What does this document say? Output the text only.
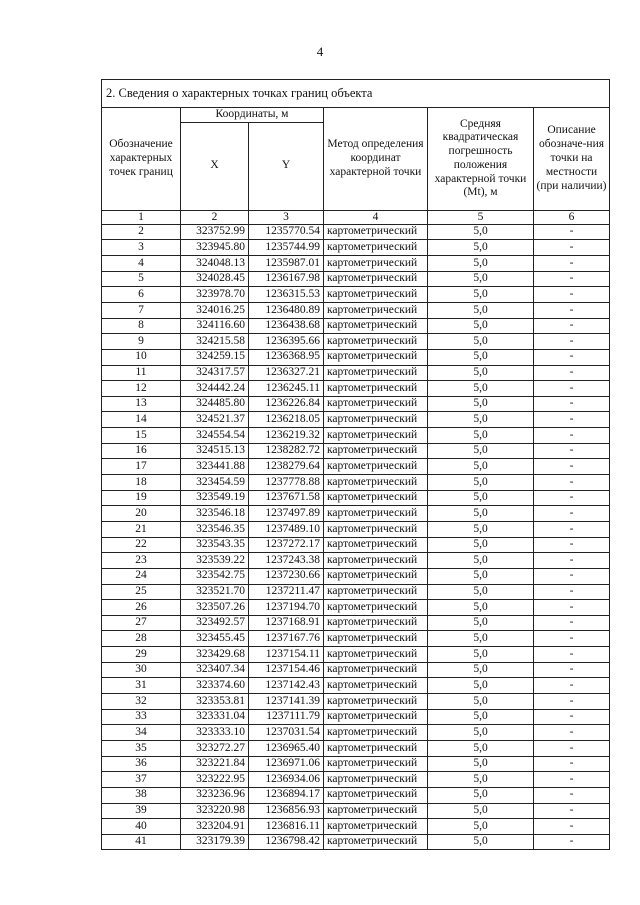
4
2. Сведения о характерных точках границ объекта					
Обозначение характерных точек границ	Координаты, м		Метод определения координат характерной точки	Средняя квадратическая погрешность положения характерной точки (Mt), м	Описание обозначе-ния точки на местности (при наличии)
	X	Y			
1	2	3	4	5	6
2	323752.99	1235770.54	картометрический	5,0	-
3	323945.80	1235744.99	картометрический	5,0	-
4	324048.13	1235987.01	картометрический	5,0	-
5	324028.45	1236167.98	картометрический	5,0	-
6	323978.70	1236315.53	картометрический	5,0	-
7	324016.25	1236480.89	картометрический	5,0	-
8	324116.60	1236438.68	картометрический	5,0	-
9	324215.58	1236395.66	картометрический	5,0	-
10	324259.15	1236368.95	картометрический	5,0	-
11	324317.57	1236327.21	картометрический	5,0	-
12	324442.24	1236245.11	картометрический	5,0	-
13	324485.80	1236226.84	картометрический	5,0	-
14	324521.37	1236218.05	картометрический	5,0	-
15	324554.54	1236219.32	картометрический	5,0	-
16	324515.13	1238282.72	картометрический	5,0	-
17	323441.88	1238279.64	картометрический	5,0	-
18	323454.59	1237778.88	картометрический	5,0	-
19	323549.19	1237671.58	картометрический	5,0	-
20	323546.18	1237497.89	картометрический	5,0	-
21	323546.35	1237489.10	картометрический	5,0	-
22	323543.35	1237272.17	картометрический	5,0	-
23	323539.22	1237243.38	картометрический	5,0	-
24	323542.75	1237230.66	картометрический	5,0	-
25	323521.70	1237211.47	картометрический	5,0	-
26	323507.26	1237194.70	картометрический	5,0	-
27	323492.57	1237168.91	картометрический	5,0	-
28	323455.45	1237167.76	картометрический	5,0	-
29	323429.68	1237154.11	картометрический	5,0	-
30	323407.34	1237154.46	картометрический	5,0	-
31	323374.60	1237142.43	картометрический	5,0	-
32	323353.81	1237141.39	картометрический	5,0	-
33	323331.04	1237111.79	картометрический	5,0	-
34	323333.10	1237031.54	картометрический	5,0	-
35	323272.27	1236965.40	картометрический	5,0	-
36	323221.84	1236971.06	картометрический	5,0	-
37	323222.95	1236934.06	картометрический	5,0	-
38	323236.96	1236894.17	картометрический	5,0	-
39	323220.98	1236856.93	картометрический	5,0	-
40	323204.91	1236816.11	картометрический	5,0	-
41	323179.39	1236798.42	картометрический	5,0	-
